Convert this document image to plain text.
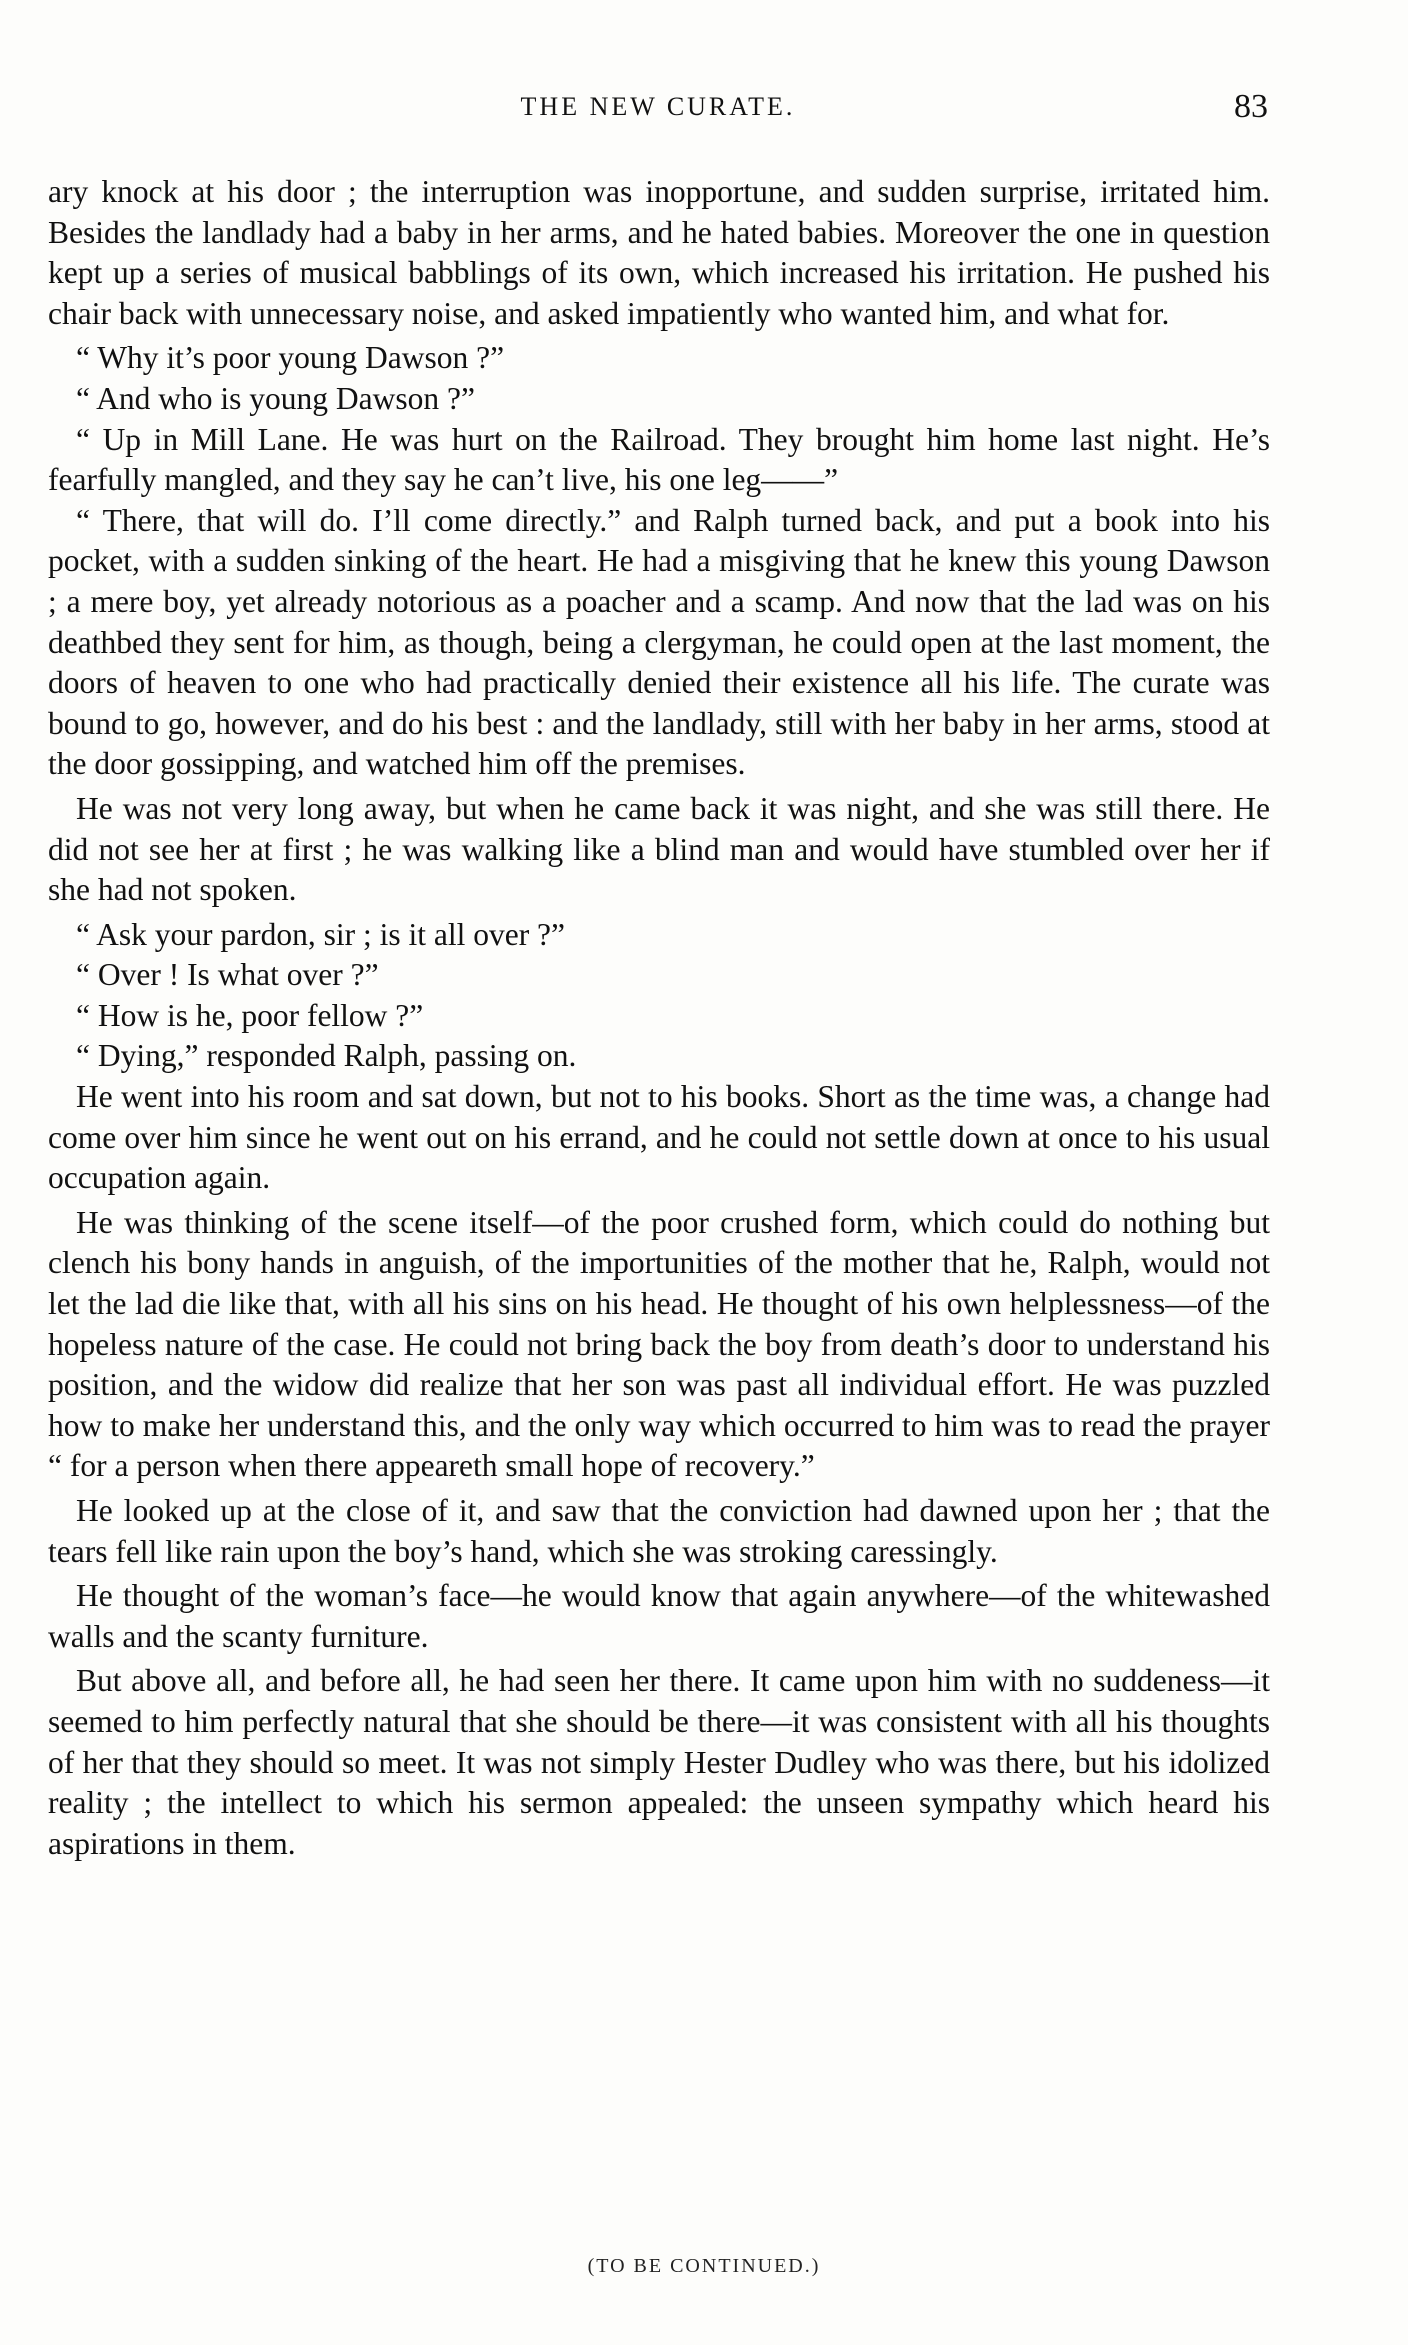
THE NEW CURATE.	83

ary knock at his door ; the interruption was inopportune, and sudden surprise, irritated him. Besides the landlady had a baby in her arms, and he hated babies. Moreover the one in question kept up a series of musical babblings of its own, which increased his irritation. He pushed his chair back with unnecessary noise, and asked impatiently who wanted him, and what for.

“ Why it’s poor young Dawson ?”

“ And who is young Dawson ?”

“ Up in Mill Lane. He was hurt on the Railroad. They brought him home last night. He’s fearfully mangled, and they say he can’t live, his one leg——”

“ There, that will do. I’ll come directly.” and Ralph turned back, and put a book into his pocket, with a sudden sinking of the heart. He had a misgiving that he knew this young Dawson ; a mere boy, yet already notorious as a poacher and a scamp. And now that the lad was on his deathbed they sent for him, as though, being a clergyman, he could open at the last moment, the doors of heaven to one who had practically denied their existence all his life. The curate was bound to go, however, and do his best : and the landlady, still with her baby in her arms, stood at the door gossipping, and watched him off the premises.

He was not very long away, but when he came back it was night, and she was still there. He did not see her at first ; he was walking like a blind man and would have stumbled over her if she had not spoken.

“ Ask your pardon, sir ; is it all over ?”

“ Over ! Is what over ?”

“ How is he, poor fellow ?”

“ Dying,” responded Ralph, passing on.

He went into his room and sat down, but not to his books. Short as the time was, a change had come over him since he went out on his errand, and he could not settle down at once to his usual occupation again.

He was thinking of the scene itself—of the poor crushed form, which could do nothing but clench his bony hands in anguish, of the importunities of the mother that he, Ralph, would not let the lad die like that, with all his sins on his head. He thought of his own helplessness—of the hopeless nature of the case. He could not bring back the boy from death’s door to understand his position, and the widow did realize that her son was past all individual effort. He was puzzled how to make her understand this, and the only way which occurred to him was to read the prayer “ for a person when there appeareth small hope of recovery.”

He looked up at the close of it, and saw that the conviction had dawned upon her ; that the tears fell like rain upon the boy’s hand, which she was stroking caressingly.

He thought of the woman’s face—he would know that again anywhere—of the whitewashed walls and the scanty furniture.

But above all, and before all, he had seen her there. It came upon him with no suddeness—it seemed to him perfectly natural that she should be there—it was consistent with all his thoughts of her that they should so meet. It was not simply Hester Dudley who was there, but his idolized reality ; the intellect to which his sermon appealed: the unseen sympathy which heard his aspirations in them.

(TO BE CONTINUED.)
